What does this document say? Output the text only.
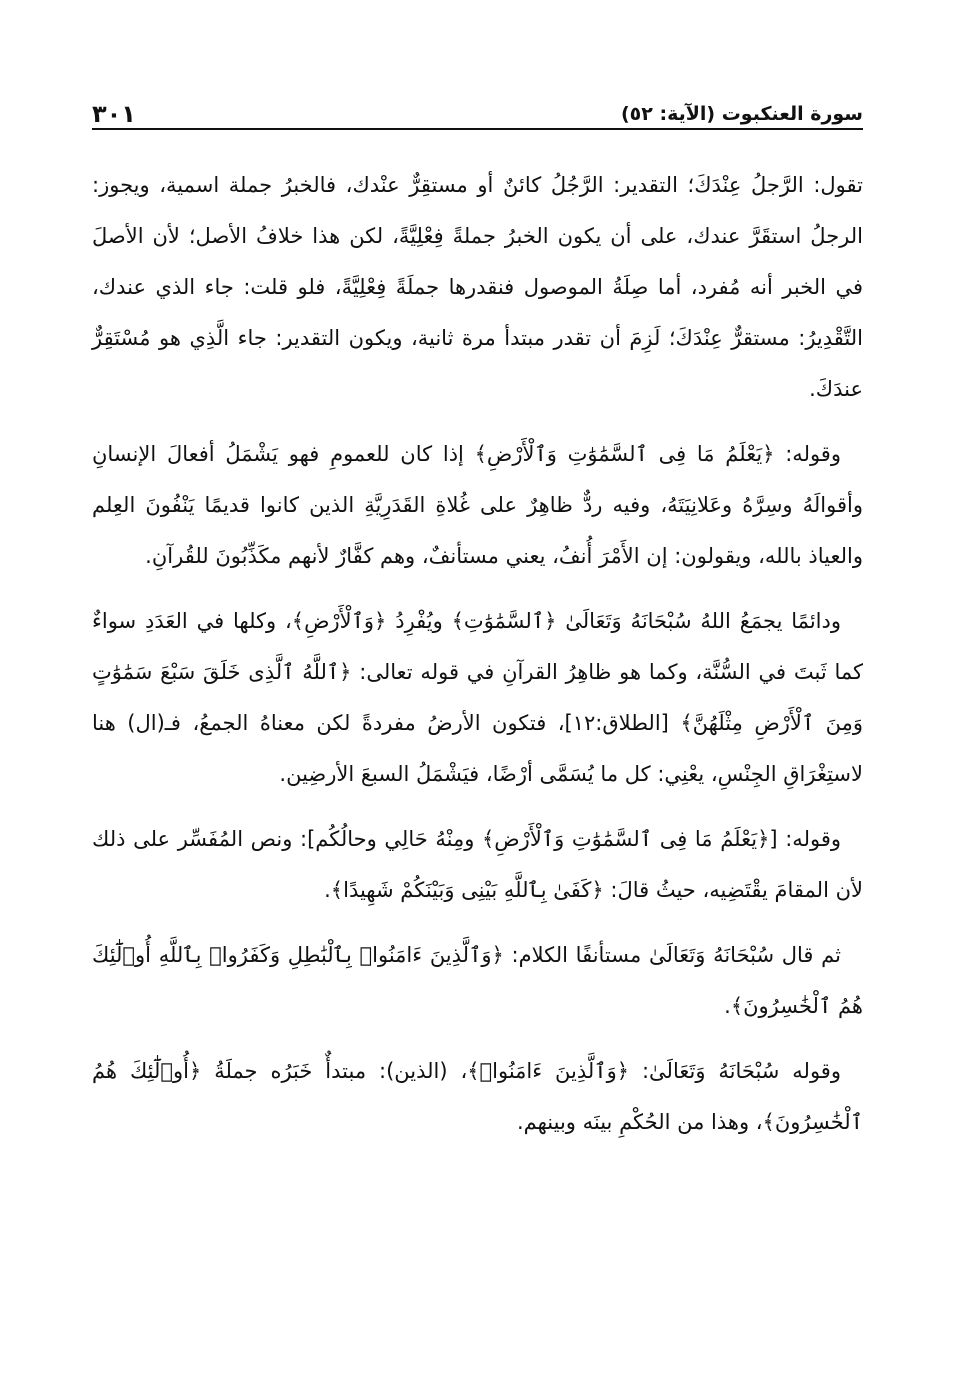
سورة العنكبوت (الآية: ٥٢)
٣٠١

تقول: الرَّجلُ عِنْدَكَ؛ التقدير: الرَّجُلُ كائنٌ أو مستقِرٌّ عنْدك، فالخبرُ جملة اسمية، ويجوز: الرجلُ استقَرَّ عندك، على أن يكون الخبرُ جملةً فِعْلِيَّةً، لكن هذا خلافُ الأصل؛ لأن الأصلَ في الخبر أنه مُفرد، أما صِلَةُ الموصول فنقدرها جملَةً فِعْلِيَّةً، فلو قلت: جاء الذي عندك، التَّقْدِيرُ: مستقرٌّ عِنْدَكَ؛ لَزِمَ أن تقدر مبتدأ مرة ثانية، ويكون التقدير: جاء الَّذِي هو مُسْتَقِرٌّ عندَكَ.

وقوله: ﴿يَعْلَمُ مَا فِى ٱلسَّمَٰوَٰتِ وَٱلْأَرْضِ﴾ إذا كان للعمومِ فهو يَشْمَلُ أفعالَ الإنسانِ وأقوالَهُ وسِرَّهُ وعَلانِيَتَهُ، وفيه ردٌّ ظاهِرٌ على غُلاةِ القَدَرِيَّةِ الذين كانوا قديمًا يَنْفُونَ العِلم والعياذ بالله، ويقولون: إن الأَمْرَ أُنفُ، يعني مستأنفٌ، وهم كفَّارٌ لأنهم مكَذِّبُونَ للقُرآنِ.

ودائمًا يجمَعُ اللهُ سُبْحَانَهُ وَتَعَالَىٰ ﴿ٱلسَّمَٰوَٰتِ﴾ ويُفْرِدُ ﴿وَٱلْأَرْضِ﴾، وكلها في العَدَدِ سواءٌ كما ثَبتَ في السُّنَّة، وكما هو ظاهِرُ القرآنِ في قوله تعالى: ﴿ٱللَّهُ ٱلَّذِى خَلَقَ سَبْعَ سَمَٰوَٰتٍ وَمِنَ ٱلْأَرْضِ مِثْلَهُنَّ﴾ [الطلاق:١٢]، فتكون الأرضُ مفردةً لكن معناهُ الجمعُ، فـ(ال) هنا لاستِغْرَاقِ الجِنْسِ، يعْنِي: كل ما يُسَمَّى أرْضًا، فيَشْمَلُ السبعَ الأرضِين.

وقوله: [﴿يَعْلَمُ مَا فِى ٱلسَّمَٰوَٰتِ وَٱلْأَرْضِ﴾ ومِنْهُ حَالِي وحالُكُم]: ونص المُفَسِّر على ذلك لأن المقامَ يقْتَضِيه، حيثُ قالَ: ﴿كَفَىٰ بِٱللَّهِ بَيْنِى وَبَيْنَكُمْ شَهِيدًا﴾.

ثم قال سُبْحَانَهُ وَتَعَالَىٰ مستأنفًا الكلام: ﴿وَٱلَّذِينَ ءَامَنُوا۟ بِٱلْبَٰطِلِ وَكَفَرُوا۟ بِٱللَّهِ أُو۟لَٰٓئِكَ هُمُ ٱلْخَٰسِرُونَ﴾.

وقوله سُبْحَانَهُ وَتَعَالَىٰ: ﴿وَٱلَّذِينَ ءَامَنُوا۟﴾، (الذين): مبتدأٌ خَبَرُه جملَةُ ﴿أُو۟لَٰٓئِكَ هُمُ ٱلْخَٰسِرُونَ﴾، وهذا من الحُكْمِ بينَه وبينهم.
